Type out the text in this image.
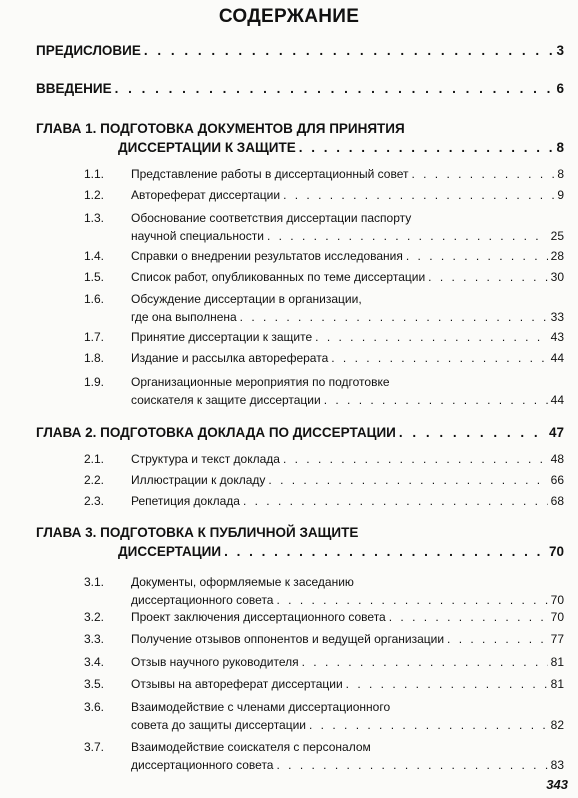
СОДЕРЖАНИЕ
ПРЕДИСЛОВИЕ . . .	3
ВВЕДЕНИЕ . . .	6
ГЛАВА 1. ПОДГОТОВКА ДОКУМЕНТОВ ДЛЯ ПРИНЯТИЯ
ДИССЕРТАЦИИ К ЗАЩИТЕ . . .	8
1.1. Представление работы в диссертационный совет . . .	8
1.2. Автореферат диссертации . . .	9
1.3. Обоснование соответствия диссертации паспорту
научной специальности . . .	25
1.4. Справки о внедрении результатов исследования . . .	28
1.5. Список работ, опубликованных по теме диссертации . . .	30
1.6. Обсуждение диссертации в организации,
где она выполнена . . .	33
1.7. Принятие диссертации к защите . . .	43
1.8. Издание и рассылка автореферата . . .	44
1.9. Организационные мероприятия по подготовке
соискателя к защите диссертации . . .	44
ГЛАВА 2. ПОДГОТОВКА ДОКЛАДА ПО ДИССЕРТАЦИИ . . .	47
2.1. Структура и текст доклада . . .	48
2.2. Иллюстрации к докладу . . .	66
2.3. Репетиция доклада . . .	68
ГЛАВА 3. ПОДГОТОВКА К ПУБЛИЧНОЙ ЗАЩИТЕ
ДИССЕРТАЦИИ . . .	70
3.1. Документы, оформляемые к заседанию
диссертационного совета . . .	70
3.2. Проект заключения диссертационного совета . . .	70
3.3. Получение отзывов оппонентов и ведущей организации . . .	77
3.4. Отзыв научного руководителя . . .	81
3.5. Отзывы на автореферат диссертации . . .	81
3.6. Взаимодействие с членами диссертационного
совета до защиты диссертации . . .	82
3.7. Взаимодействие соискателя с персоналом
диссертационного совета . . .	83
343
